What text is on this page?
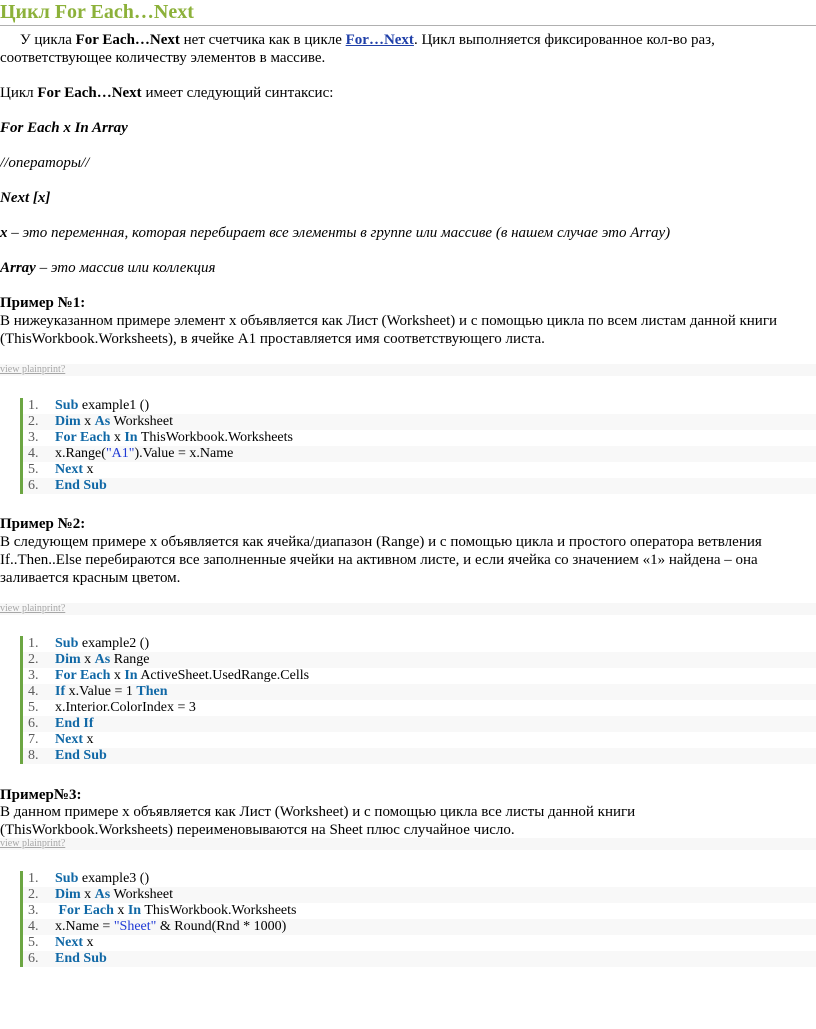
Цикл For Each…Next

У цикла For Each…Next нет счетчика как в цикле For…Next. Цикл выполняется фиксированное кол-во раз, соответствующее количеству элементов в массиве.

Цикл For Each…Next имеет следующий синтаксис:

For Each x In Array

//операторы//

Next [x]

x – это переменная, которая перебирает все элементы в группе или массиве (в нашем случае это Array)

Array – это массив или коллекция

Пример №1:

В нижеуказанном примере элемент x объявляется как Лист (Worksheet) и с помощью цикла по всем листам данной книги (ThisWorkbook.Worksheets), в ячейке A1 проставляется имя соответствующего листа.

view plainprint?
1.	Sub example1 ()
2.	Dim x As Worksheet
3.	For Each x In ThisWorkbook.Worksheets
4.	x.Range("A1").Value = x.Name
5.	Next x
6.	End Sub

Пример №2:

В следующем примере x объявляется как ячейка/диапазон (Range) и с помощью цикла и простого оператора ветвления If..Then..Else перебираются все заполненные ячейки на активном листе, и если ячейка со значением «1» найдена – она заливается красным цветом.

view plainprint?
1.	Sub example2 ()
2.	Dim x As Range
3.	For Each x In ActiveSheet.UsedRange.Cells
4.	If x.Value = 1 Then
5.	x.Interior.ColorIndex = 3
6.	End If
7.	Next x
8.	End Sub

Пример№3:

В данном примере x объявляется как Лист (Worksheet) и с помощью цикла все листы данной книги (ThisWorkbook.Worksheets) переименовываются на Sheet плюс случайное число.

view plainprint?
1.	Sub example3 ()
2.	Dim x As Worksheet
3.	For Each x In ThisWorkbook.Worksheets
4.	x.Name = "Sheet" & Round(Rnd * 1000)
5.	Next x
6.	End Sub
